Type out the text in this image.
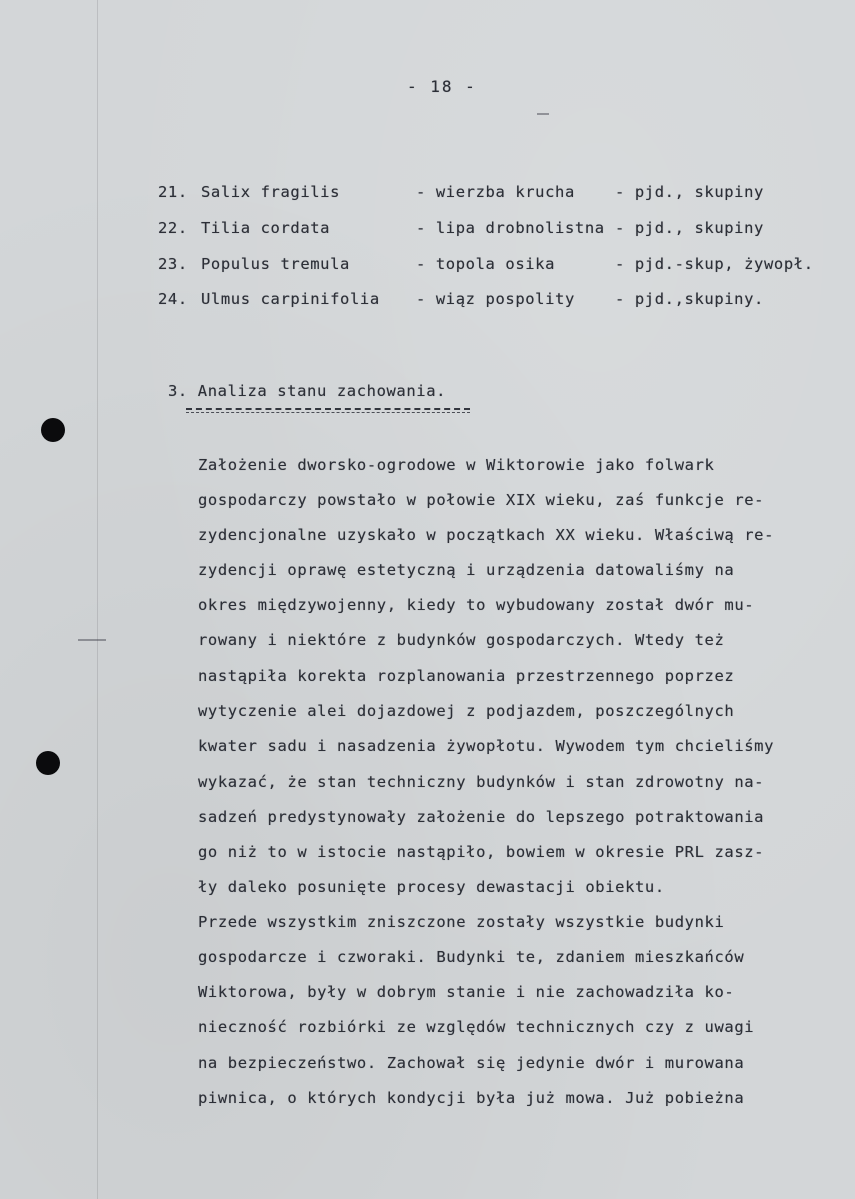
- 18 -
21. Salix fragilis	- wierzba krucha	- pjd., skupiny
22. Tilia cordata	- lipa drobnolistna - pjd., skupiny
23. Populus tremula	- topola osika	- pjd.-skup, żywopł.
24. Ulmus carpinifolia - wiąz pospolity	- pjd.,skupiny.
3. Analiza stanu zachowania.
Założenie dworsko-ogrodowe w Wiktorowie jako folwark
gospodarczy powstało w połowie XIX wieku, zaś funkcje re-
zydencjonalne uzyskało w początkach XX wieku. Właściwą re-
zydencji oprawę estetyczną i urządzenia datowaliśmy na
okres międzywojenny, kiedy to wybudowany został dwór mu-
rowany i niektóre z budynków gospodarczych. Wtedy też
nastąpiła korekta rozplanowania przestrzennego poprzez
wytyczenie alei dojazdowej z podjazdem, poszczególnych
kwater sadu i nasadzenia żywopłotu. Wywodem tym chcieliśmy
wykazać, że stan techniczny budynków i stan zdrowotny na-
sadzeń predystynowały założenie do lepszego potraktowania
go niż to w istocie nastąpiło, bowiem w okresie PRL zasz-
ły daleko posunięte procesy dewastacji obiektu.
Przede wszystkim zniszczone zostały wszystkie budynki
gospodarcze i czworaki. Budynki te, zdaniem mieszkańców
Wiktorowa, były w dobrym stanie i nie zachowadziła ko-
nieczność rozbiórki ze względów technicznych czy z uwagi
na bezpieczeństwo. Zachował się jedynie dwór i murowana
piwnica, o których kondycji była już mowa. Już pobieżna
